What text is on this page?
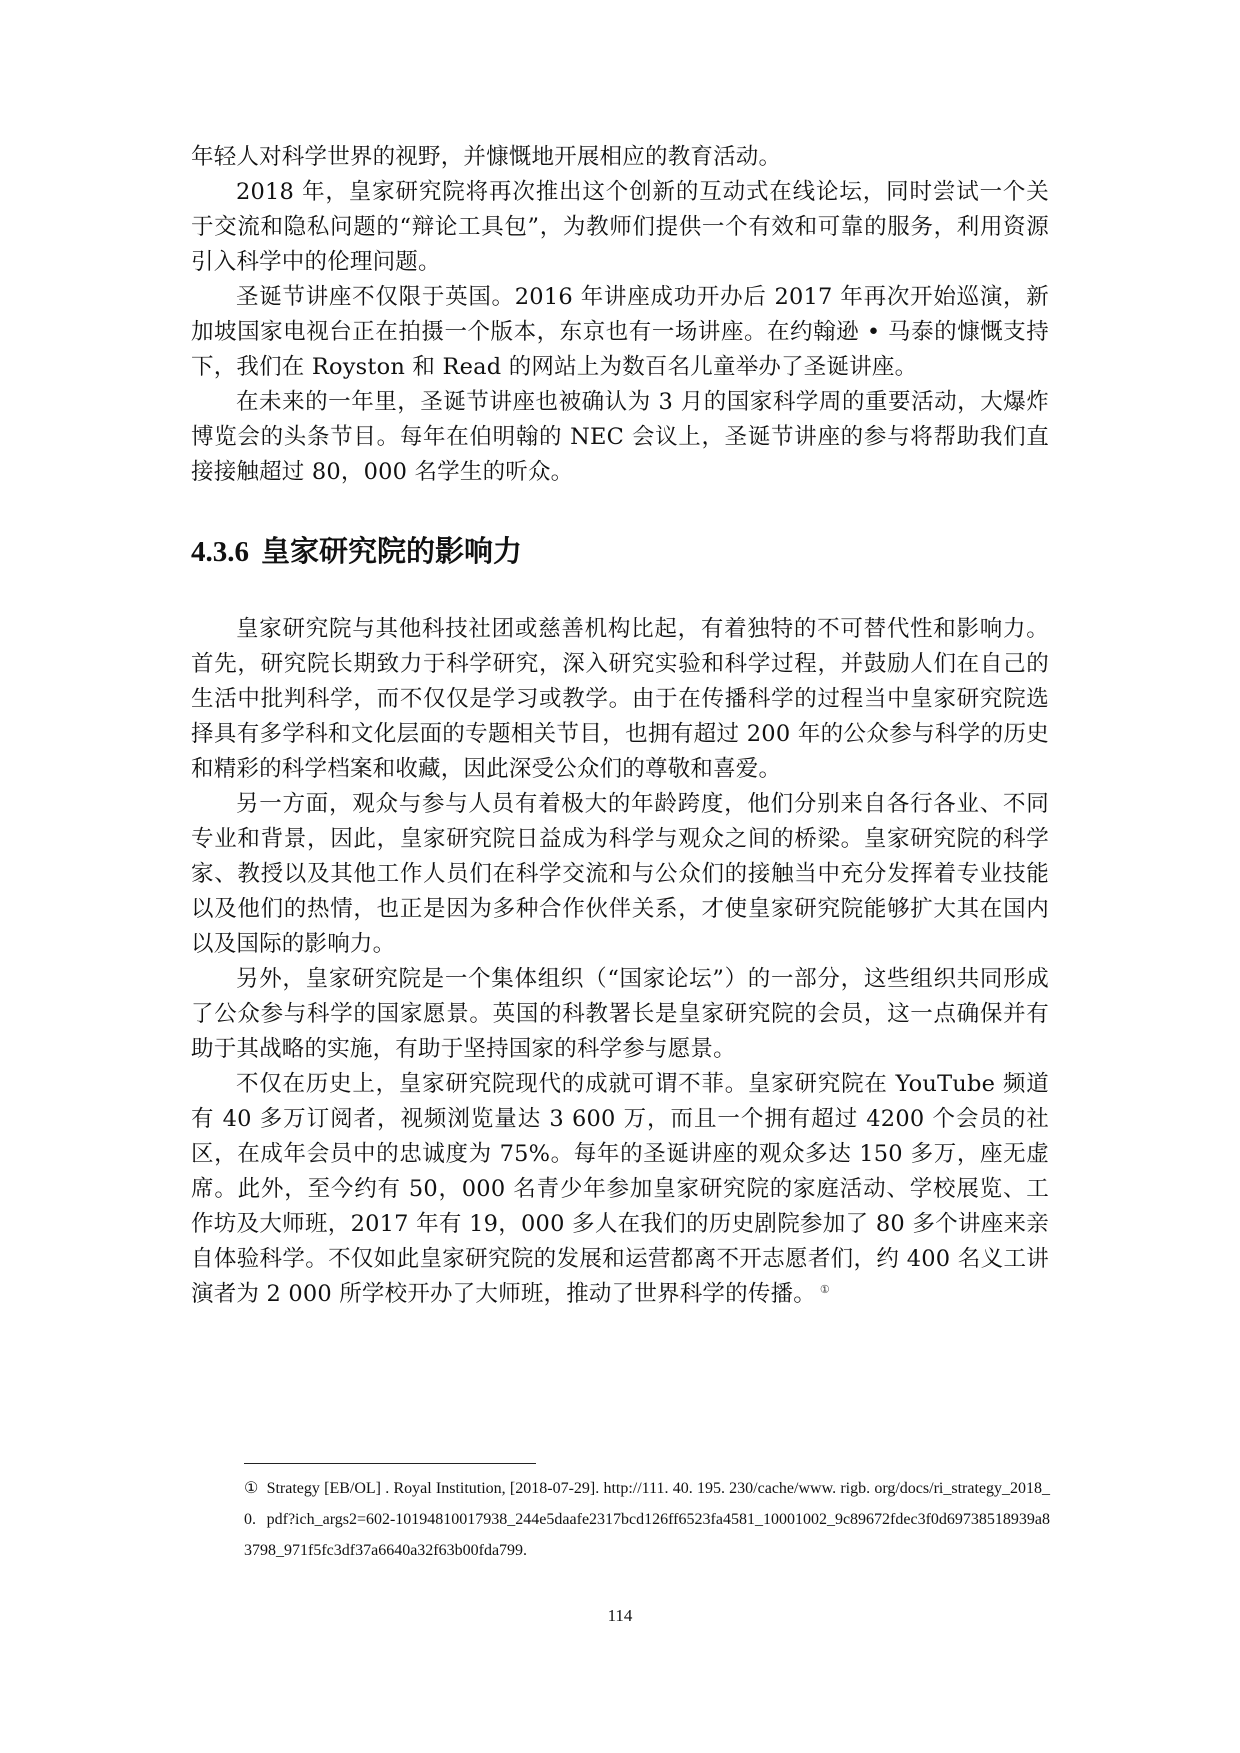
年轻人对科学世界的视野，并慷慨地开展相应的教育活动。

2018 年，皇家研究院将再次推出这个创新的互动式在线论坛，同时尝试一个关于交流和隐私问题的“辩论工具包”，为教师们提供一个有效和可靠的服务，利用资源引入科学中的伦理问题。

圣诞节讲座不仅限于英国。2016 年讲座成功开办后 2017 年再次开始巡演，新加坡国家电视台正在拍摄一个版本，东京也有一场讲座。在约翰逊 • 马泰的慷慨支持下，我们在 Royston 和 Read 的网站上为数百名儿童举办了圣诞讲座。

在未来的一年里，圣诞节讲座也被确认为 3 月的国家科学周的重要活动，大爆炸博览会的头条节目。每年在伯明翰的 NEC 会议上，圣诞节讲座的参与将帮助我们直接接触超过 80，000 名学生的听众。

4.3.6 皇家研究院的影响力

皇家研究院与其他科技社团或慈善机构比起，有着独特的不可替代性和影响力。首先，研究院长期致力于科学研究，深入研究实验和科学过程，并鼓励人们在自己的生活中批判科学，而不仅仅是学习或教学。由于在传播科学的过程当中皇家研究院选择具有多学科和文化层面的专题相关节目，也拥有超过 200 年的公众参与科学的历史和精彩的科学档案和收藏，因此深受公众们的尊敬和喜爱。

另一方面，观众与参与人员有着极大的年龄跨度，他们分别来自各行各业、不同专业和背景，因此，皇家研究院日益成为科学与观众之间的桥梁。皇家研究院的科学家、教授以及其他工作人员们在科学交流和与公众们的接触当中充分发挥着专业技能以及他们的热情，也正是因为多种合作伙伴关系，才使皇家研究院能够扩大其在国内以及国际的影响力。

另外，皇家研究院是一个集体组织（“国家论坛”）的一部分，这些组织共同形成了公众参与科学的国家愿景。英国的科教署长是皇家研究院的会员，这一点确保并有助于其战略的实施，有助于坚持国家的科学参与愿景。

不仅在历史上，皇家研究院现代的成就可谓不菲。皇家研究院在 YouTube 频道有 40 多万订阅者，视频浏览量达 3 600 万，而且一个拥有超过 4200 个会员的社区，在成年会员中的忠诚度为 75%。每年的圣诞讲座的观众多达 150 多万，座无虚席。此外，至今约有 50，000 名青少年参加皇家研究院的家庭活动、学校展览、工作坊及大师班，2017 年有 19，000 多人在我们的历史剧院参加了 80 多个讲座来亲自体验科学。不仅如此皇家研究院的发展和运营都离不开志愿者们，约 400 名义工讲演者为 2 000 所学校开办了大师班，推动了世界科学的传播。 ①

① Strategy [EB/OL] . Royal Institution, [2018-07-29]. http://111. 40. 195. 230/cache/www. rigb. org/docs/ri_strategy_2018_0. pdf?ich_args2=602-10194810017938_244e5daafe2317bcd126ff6523fa4581_10001002_9c89672fdec3f0d69738518939a83798_971f5fc3df37a6640a32f63b00fda799.
114
